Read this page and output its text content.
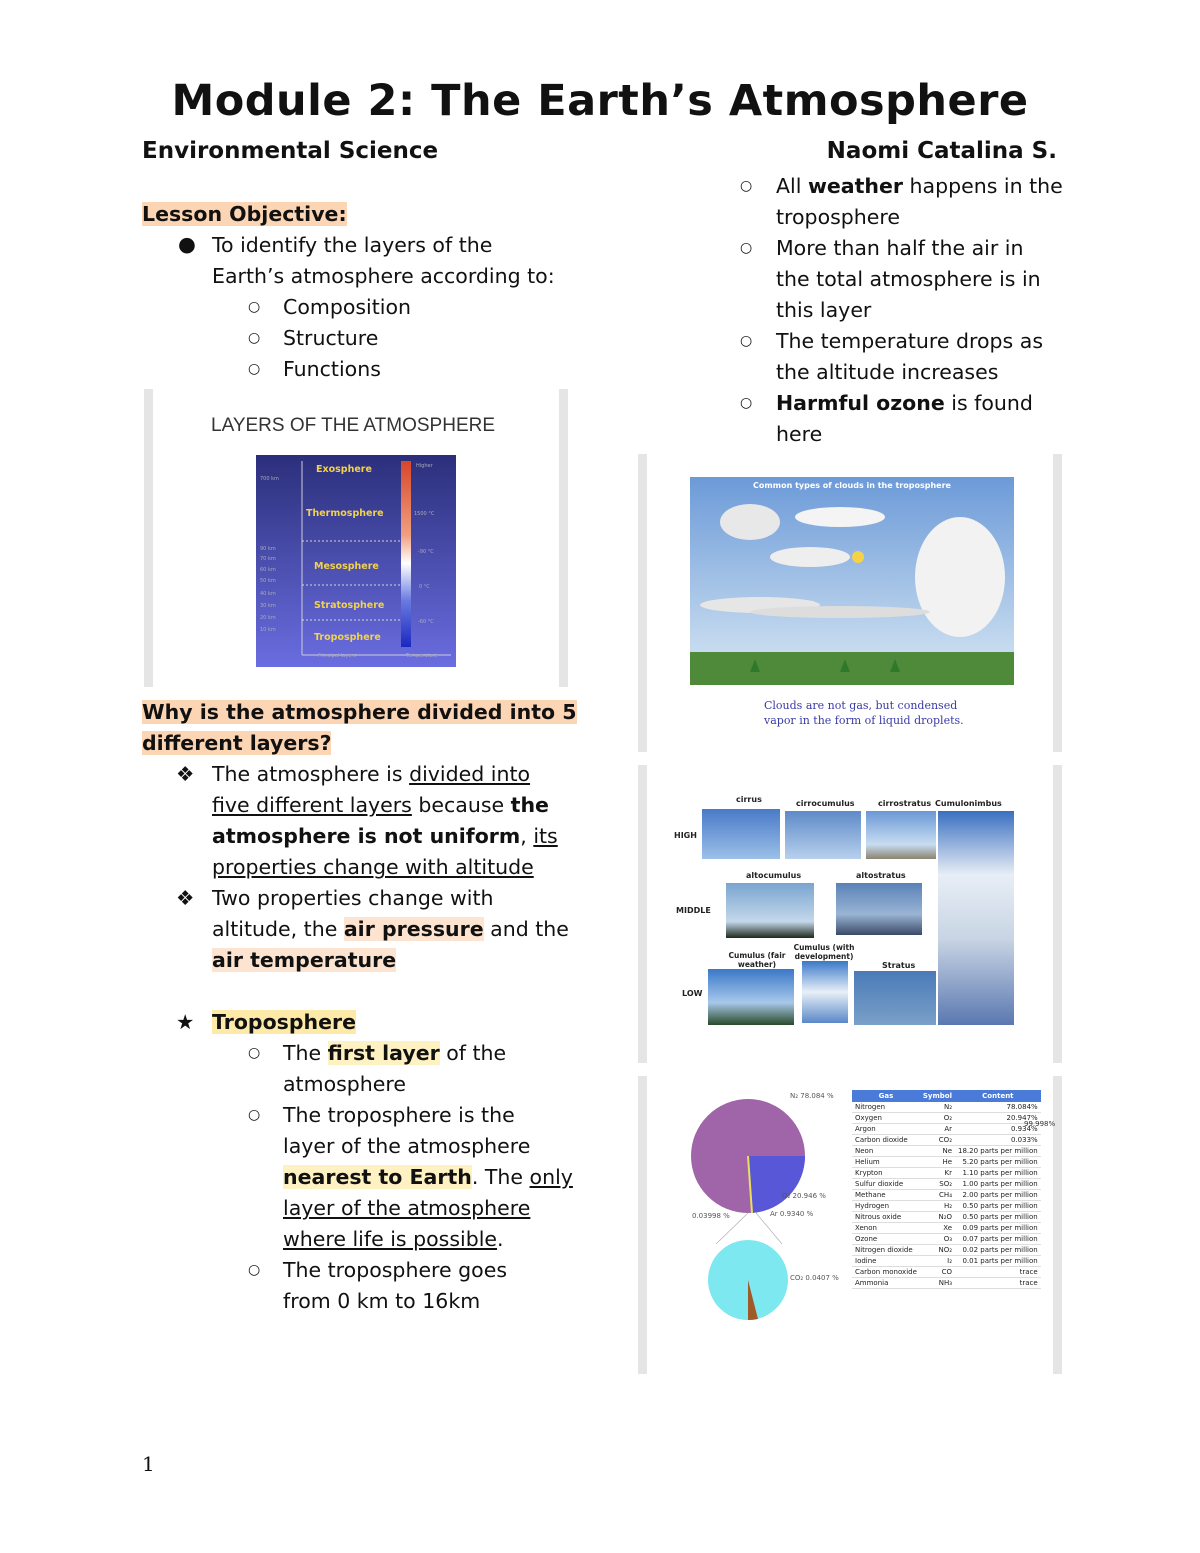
Module 2: The Earth’s Atmosphere
Environmental Science	Naomi Catalina S.
Lesson Objective:
● To identify the layers of the
Earth’s atmosphere according to:
○ Composition
○ Structure
○ Functions
LAYERS OF THE ATMOSPHERE
700 km
90 km
70 km
60 km
50 km
40 km
30 km
20 km
10 km
Principal layers	Temperature
Higher
1500 °C
-90 °C
0 °C
-60 °C
Exosphere
Thermosphere
Mesosphere
Stratosphere
Troposphere
Why is the atmosphere divided into 5
different layers?
❖ The atmosphere is divided into
five different layers because the
atmosphere is not uniform, its
properties change with altitude
❖ Two properties change with
altitude, the air pressure and the
air temperature
★ Troposphere
○ The first layer of the
atmosphere
○ The troposphere is the
layer of the atmosphere
nearest to Earth. The only
layer of the atmosphere
where life is possible.
○ The troposphere goes
from 0 km to 16km
○ All weather happens in the
troposphere
○ More than half the air in
the total atmosphere is in
this layer
○ The temperature drops as
the altitude increases
○ Harmful ozone is found
here
Common types of clouds in the troposphere
Clouds are not gas, but condensed
vapor in the form of liquid droplets.
HIGH
MIDDLE
LOW
cirrus	cirrocumulus	cirrostratus Cumulonimbus
altocumulus	altostratus
Cumulus (fair weather)
Cumulus (with development)
Stratus
N₂ 78.084 %
O₂ 20.946 %
Ar 0.9340 %
0.03998 %
CO₂ 0.0407 %
Gas	Symbol	Content
Nitrogen	N₂	78.084%
Oxygen	O₂	20.947%
Argon	Ar	0.934%
Carbon dioxide	CO₂	0.033%
Neon	Ne	18.20 parts per million
Helium	He	5.20 parts per million
Krypton	Kr	1.10 parts per million
Sulfur dioxide	SO₂	1.00 parts per million
Methane	CH₄	2.00 parts per million
Hydrogen	H₂	0.50 parts per million
Nitrous oxide	N₂O	0.50 parts per million
Xenon	Xe	0.09 parts per million
Ozone	O₃	0.07 parts per million
Nitrogen dioxide	NO₂	0.02 parts per million
Iodine	I₂	0.01 parts per million
Carbon monoxide	CO	trace
Ammonia	NH₃	trace
99.998%
1
